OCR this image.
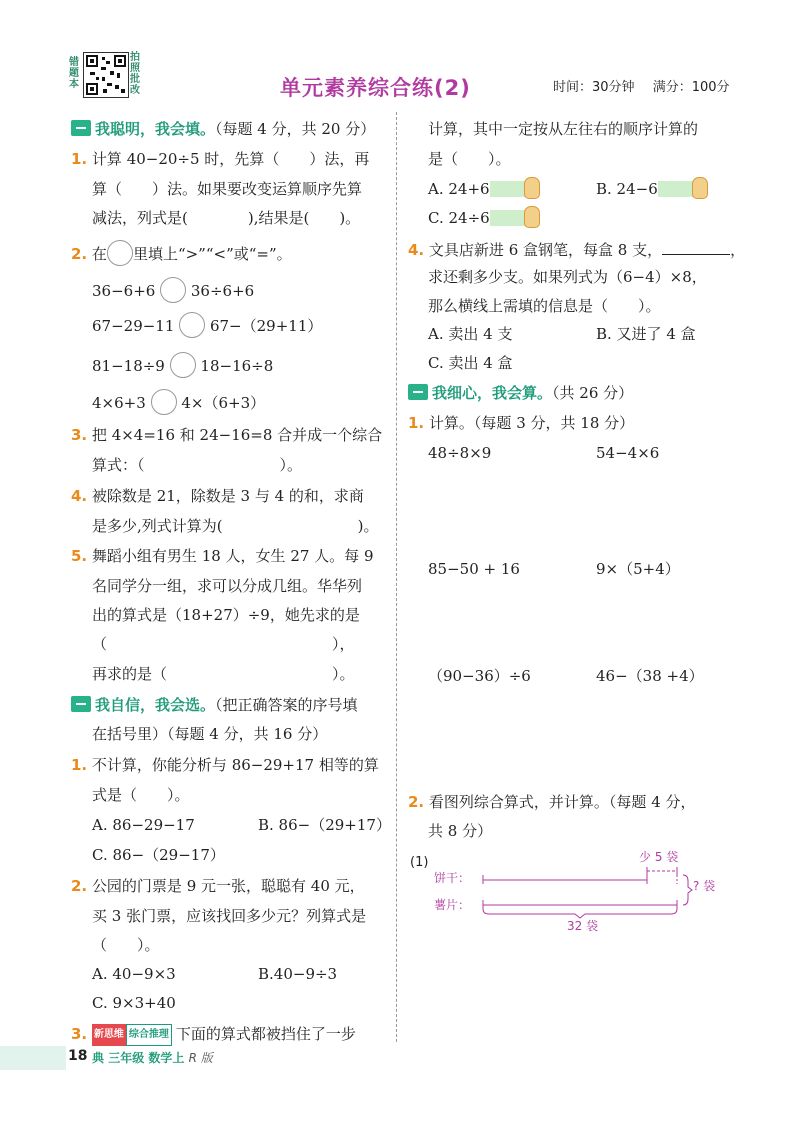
错题本
拍照批改	单元素养综合练(2)	时间：30分钟 满分：100分
我聪明，我会填。（每题 4 分，共 20 分）
1. 计算 40−20÷5 时，先算（　　）法，再
算（　　）法。如果要改变运算顺序先算
减法，列式是(　　　　),结果是(　　)。
2. 在 里填上“>”“<”或“=”。
36−6+6 36÷6+6
67−29−11 67−（29+11）
81−18÷9 18−16÷8
4×6+3 4×（6+3）
3. 把 4×4=16 和 24−16=8 合并成一个综合
算式：（　　　　　　　　　）。
4. 被除数是 21，除数是 3 与 4 的和，求商
是多少,列式计算为(　　　　　　　　　)。
5. 舞蹈小组有男生 18 人，女生 27 人。每 9
名同学分一组，求可以分成几组。华华列
出的算式是（18+27）÷9，她先求的是
（　　　　　　　　　　　　　　　），
再求的是（　　　　　　　　　　　）。
我自信，我会选。（把正确答案的序号填
在括号里）（每题 4 分，共 16 分）
1. 不计算，你能分析与 86−29+17 相等的算
式是（　　）。
A. 86−29−17	B. 86−（29+17）
C. 86−（29−17）
2. 公园的门票是 9 元一张，聪聪有 40 元，
买 3 张门票，应该找回多少元？列算式是
（　　）。
A. 40−9×3	B.40−9÷3
C. 9×3+40
3. 新思维 综合推理 下面的算式都被挡住了一步
计算，其中一定按从左往右的顺序计算的
是（　　）。
A. 24+6	B. 24−6
C. 24÷6
4. 文具店新进 6 盒钢笔，每盒 8 支，	，
求还剩多少支。如果列式为（6−4）×8，
那么横线上需填的信息是（　　）。
A. 卖出 4 支	B. 又进了 4 盒
C. 卖出 4 盒
我细心，我会算。（共 26 分）
1. 计算。（每题 3 分，共 18 分）
48÷8×9	54−4×6
85−50 + 16	9×（5+4）
（90−36）÷6	46−（38 +4）
2. 看图列综合算式，并计算。（每题 4 分，
共 8 分）
(1)
饼干：
薯片：
少 5 袋
? 袋
32 袋
18 典 三年级 数学上 R 版
